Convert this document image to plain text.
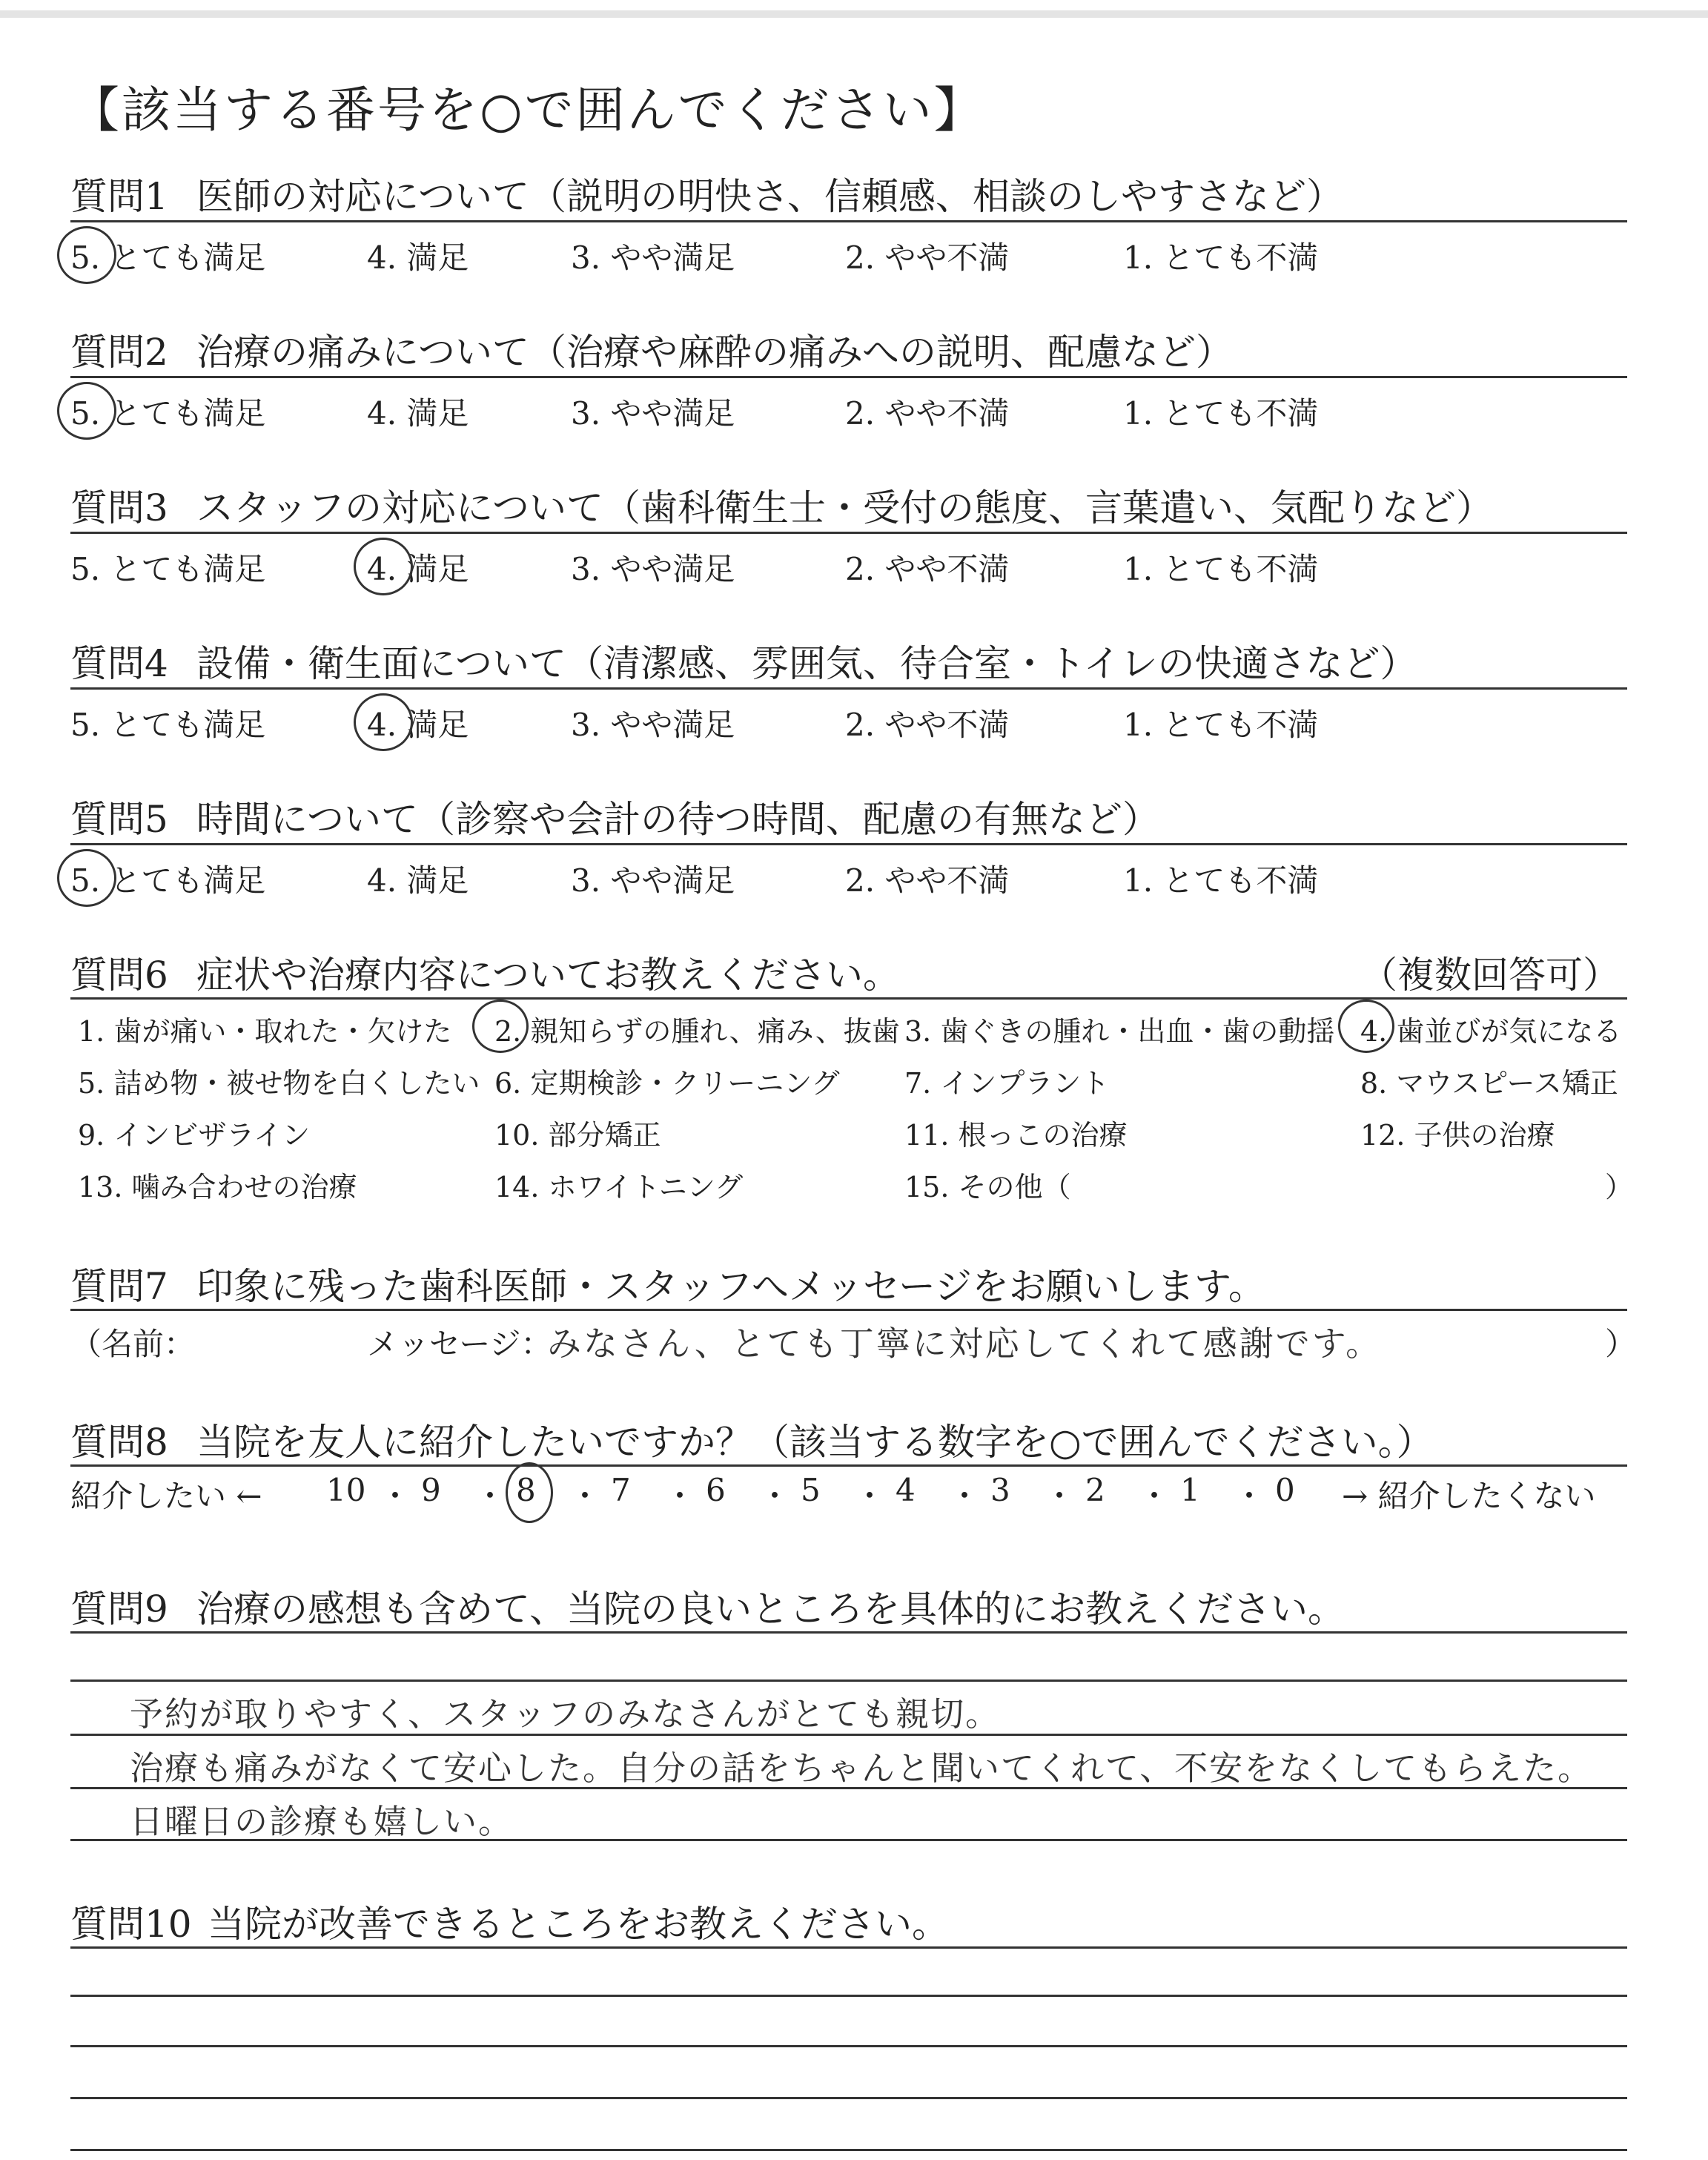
【該当する番号を○で囲んでください】
質問1 医師の対応について（説明の明快さ、信頼感、相談のしやすさなど）
5. とても満足	4. 満足	3. やや満足	2. やや不満	1. とても不満
質問2 治療の痛みについて（治療や麻酔の痛みへの説明、配慮など）
5. とても満足	4. 満足	3. やや満足	2. やや不満	1. とても不満
質問3 スタッフの対応について（歯科衛生士・受付の態度、言葉遣い、気配りなど）
5. とても満足	4. 満足	3. やや満足	2. やや不満	1. とても不満
質問4 設備・衛生面について（清潔感、雰囲気、待合室・トイレの快適さなど）
5. とても満足	4. 満足	3. やや満足	2. やや不満	1. とても不満
質問5 時間について（診察や会計の待つ時間、配慮の有無など）
5. とても満足	4. 満足	3. やや満足	2. やや不満	1. とても不満
質問6 症状や治療内容についてお教えください。	（複数回答可）
1. 歯が痛い・取れた・欠けた 2. 親知らずの腫れ、痛み、抜歯 3. 歯ぐきの腫れ・出血・歯の動揺 4. 歯並びが気になる
5. 詰め物・被せ物を白くしたい 6. 定期検診・クリーニング 7. インプラント	8. マウスピース矯正
9. インビザライン	10. 部分矯正	11. 根っこの治療	12. 子供の治療
13. 噛み合わせの治療	14. ホワイトニング	15. その他（	）
質問7 印象に残った歯科医師・スタッフへメッセージをお願いします。
（名前：	メッセージ：
みなさん、とても丁寧に対応してくれて感謝です。	）
質問8 当院を友人に紹介したいですか？（該当する数字を○で囲んでください。）
紹介したい ← 10 ・ 9 ・ 8 ・ 7 ・ 6 ・ 5 ・ 4 ・ 3 ・ 2 ・ 1 ・ 0 → 紹介したくない
質問9 治療の感想も含めて、当院の良いところを具体的にお教えください。
予約が取りやすく、スタッフのみなさんがとても親切。
治療も痛みがなくて安心した。自分の話をちゃんと聞いてくれて、不安をなくしてもらえた。
日曜日の診療も嬉しい。
質問10 当院が改善できるところをお教えください。
